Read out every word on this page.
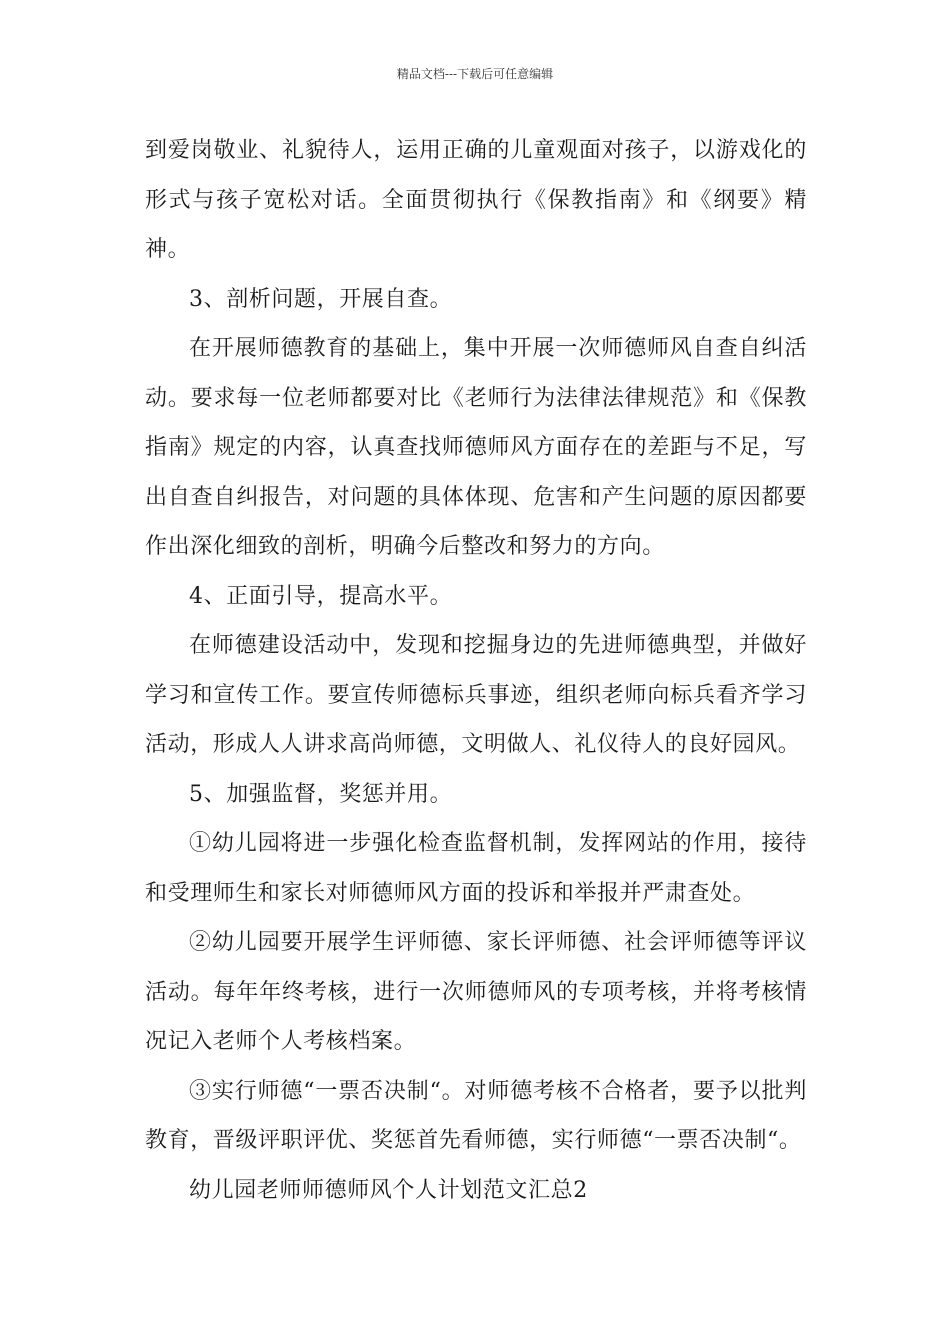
精品文档---下载后可任意编辑

到爱岗敬业、礼貌待人，运用正确的儿童观面对孩子，以游戏化的形式与孩子宽松对话。全面贯彻执行《保教指南》和《纲要》精神。

3、剖析问题，开展自查。

在开展师德教育的基础上，集中开展一次师德师风自查自纠活动。要求每一位老师都要对比《老师行为法律法律规范》和《保教指南》规定的内容，认真查找师德师风方面存在的差距与不足，写出自查自纠报告，对问题的具体体现、危害和产生问题的原因都要作出深化细致的剖析，明确今后整改和努力的方向。

4、正面引导，提高水平。

在师德建设活动中，发现和挖掘身边的先进师德典型，并做好学习和宣传工作。要宣传师德标兵事迹，组织老师向标兵看齐学习活动，形成人人讲求高尚师德，文明做人、礼仪待人的良好园风。

5、加强监督，奖惩并用。

①幼儿园将进一步强化检查监督机制，发挥网站的作用，接待和受理师生和家长对师德师风方面的投诉和举报并严肃查处。

②幼儿园要开展学生评师德、家长评师德、社会评师德等评议活动。每年年终考核，进行一次师德师风的专项考核，并将考核情况记入老师个人考核档案。

③实行师德“一票否决制“。对师德考核不合格者，要予以批判教育，晋级评职评优、奖惩首先看师德，实行师德“一票否决制“。

幼儿园老师师德师风个人计划范文汇总2
